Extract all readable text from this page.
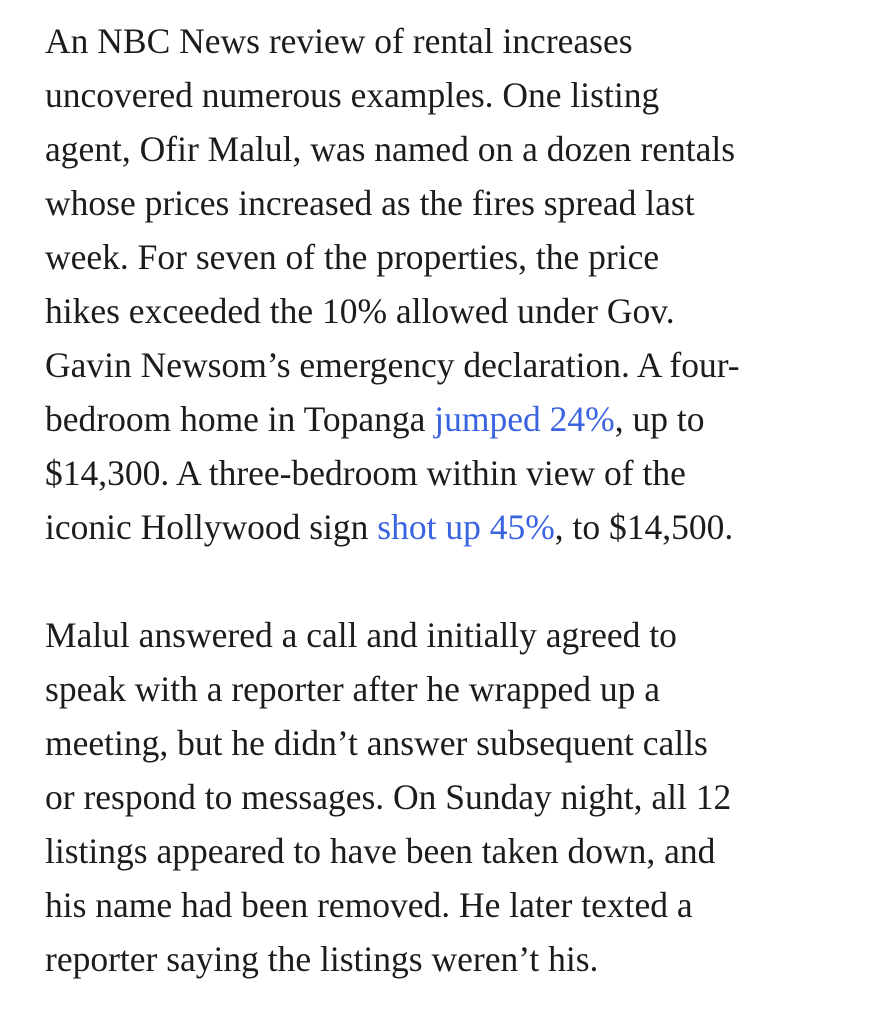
An NBC News review of rental increases
uncovered numerous examples. One listing
agent, Ofir Malul, was named on a dozen rentals
whose prices increased as the fires spread last
week. For seven of the properties, the price
hikes exceeded the 10% allowed under Gov.
Gavin Newsom’s emergency declaration. A four-
bedroom home in Topanga jumped 24%, up to
$14,300. A three-bedroom within view of the
iconic Hollywood sign shot up 45%, to $14,500.

Malul answered a call and initially agreed to
speak with a reporter after he wrapped up a
meeting, but he didn’t answer subsequent calls
or respond to messages. On Sunday night, all 12
listings appeared to have been taken down, and
his name had been removed. He later texted a
reporter saying the listings weren’t his.
